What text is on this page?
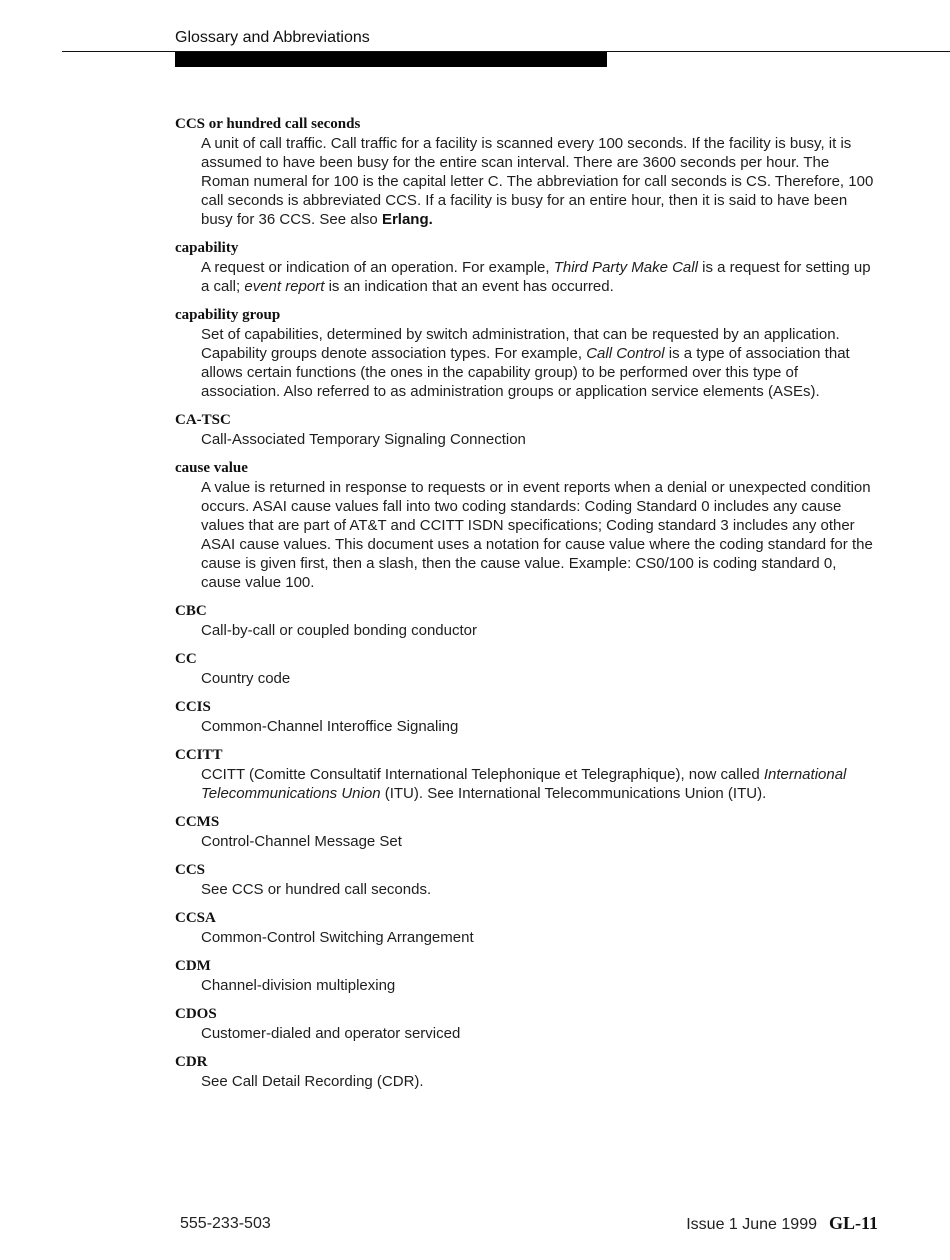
Glossary and Abbreviations
CCS or hundred call seconds
A unit of call traffic. Call traffic for a facility is scanned every 100 seconds. If the facility is busy, it is assumed to have been busy for the entire scan interval. There are 3600 seconds per hour. The Roman numeral for 100 is the capital letter C. The abbreviation for call seconds is CS. Therefore, 100 call seconds is abbreviated CCS. If a facility is busy for an entire hour, then it is said to have been busy for 36 CCS. See also Erlang.
capability
A request or indication of an operation. For example, Third Party Make Call is a request for setting up a call; event report is an indication that an event has occurred.
capability group
Set of capabilities, determined by switch administration, that can be requested by an application. Capability groups denote association types. For example, Call Control is a type of association that allows certain functions (the ones in the capability group) to be performed over this type of association. Also referred to as administration groups or application service elements (ASEs).
CA-TSC
Call-Associated Temporary Signaling Connection
cause value
A value is returned in response to requests or in event reports when a denial or unexpected condition occurs. ASAI cause values fall into two coding standards: Coding Standard 0 includes any cause values that are part of AT&T and CCITT ISDN specifications; Coding standard 3 includes any other ASAI cause values. This document uses a notation for cause value where the coding standard for the cause is given first, then a slash, then the cause value. Example: CS0/100 is coding standard 0, cause value 100.
CBC
Call-by-call or coupled bonding conductor
CC
Country code
CCIS
Common-Channel Interoffice Signaling
CCITT
CCITT (Comitte Consultatif International Telephonique et Telegraphique), now called International Telecommunications Union (ITU). See International Telecommunications Union (ITU).
CCMS
Control-Channel Message Set
CCS
See CCS or hundred call seconds.
CCSA
Common-Control Switching Arrangement
CDM
Channel-division multiplexing
CDOS
Customer-dialed and operator serviced
CDR
See Call Detail Recording (CDR).
555-233-503	Issue 1 June 1999 GL-11
